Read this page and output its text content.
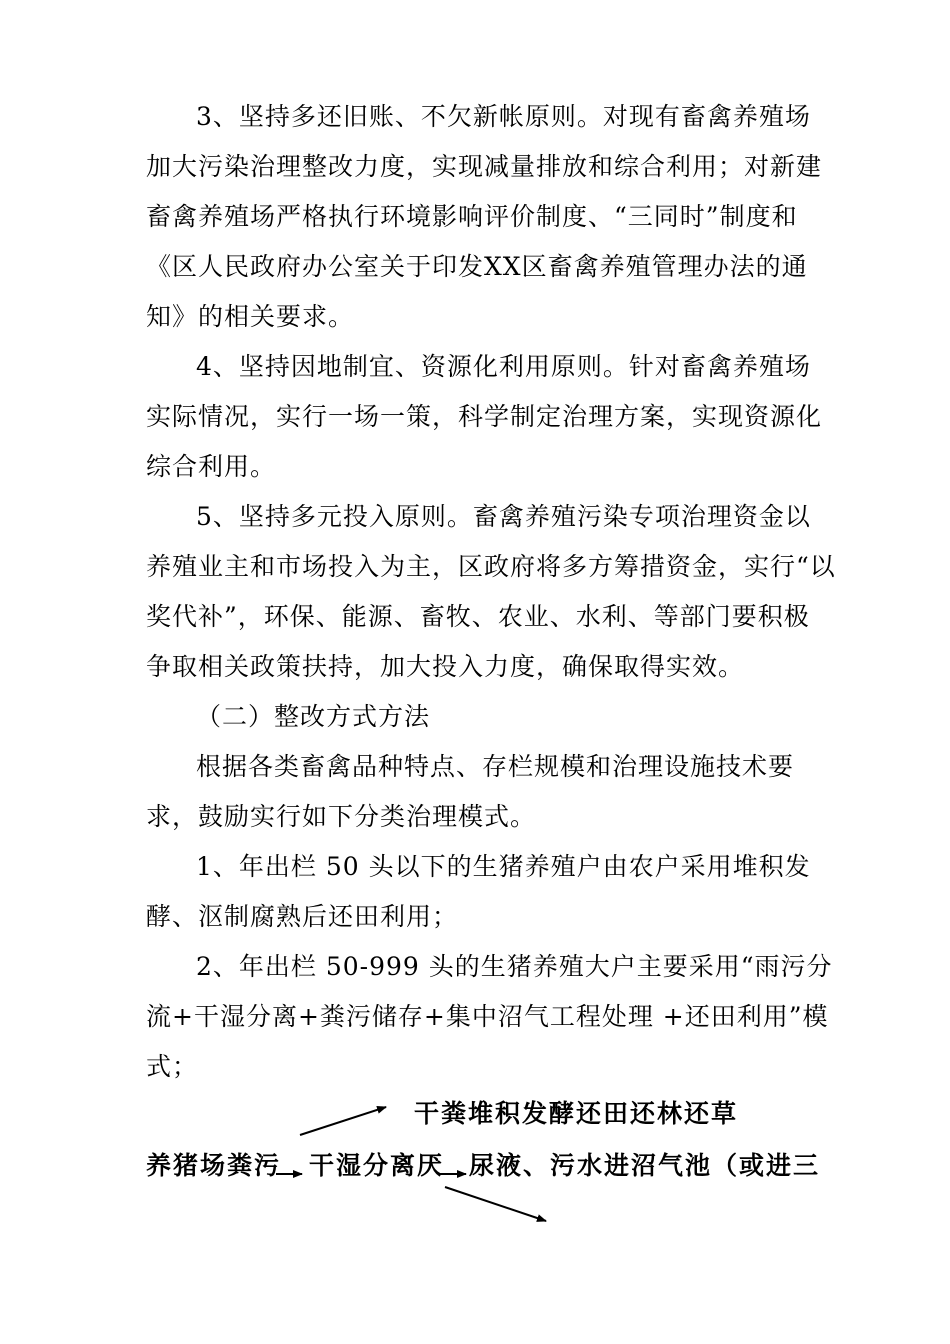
3、坚持多还旧账、不欠新帐原则。对现有畜禽养殖场
加大污染治理整改力度，实现减量排放和综合利用；对新建
畜禽养殖场严格执行环境影响评价制度、“三同时”制度和
《区人民政府办公室关于印发XX区畜禽养殖管理办法的通
知》的相关要求。
4、坚持因地制宜、资源化利用原则。针对畜禽养殖场
实际情况，实行一场一策，科学制定治理方案，实现资源化
综合利用。
5、坚持多元投入原则。畜禽养殖污染专项治理资金以
养殖业主和市场投入为主，区政府将多方筹措资金，实行“以
奖代补”，环保、能源、畜牧、农业、水利、等部门要积极
争取相关政策扶持，加大投入力度，确保取得实效。
（二）整改方式方法
根据各类畜禽品种特点、存栏规模和治理设施技术要
求，鼓励实行如下分类治理模式。
1、年出栏 50 头以下的生猪养殖户由农户采用堆积发
酵、沤制腐熟后还田利用；
2、年出栏 50-999 头的生猪养殖大户主要采用“雨污分
流+干湿分离+粪污储存+集中沼气工程处理 +还田利用”模
式；
干粪堆积发酵还田还林还草
养猪场粪污 干湿分离厌 尿液、污水进沼气池（或进三
